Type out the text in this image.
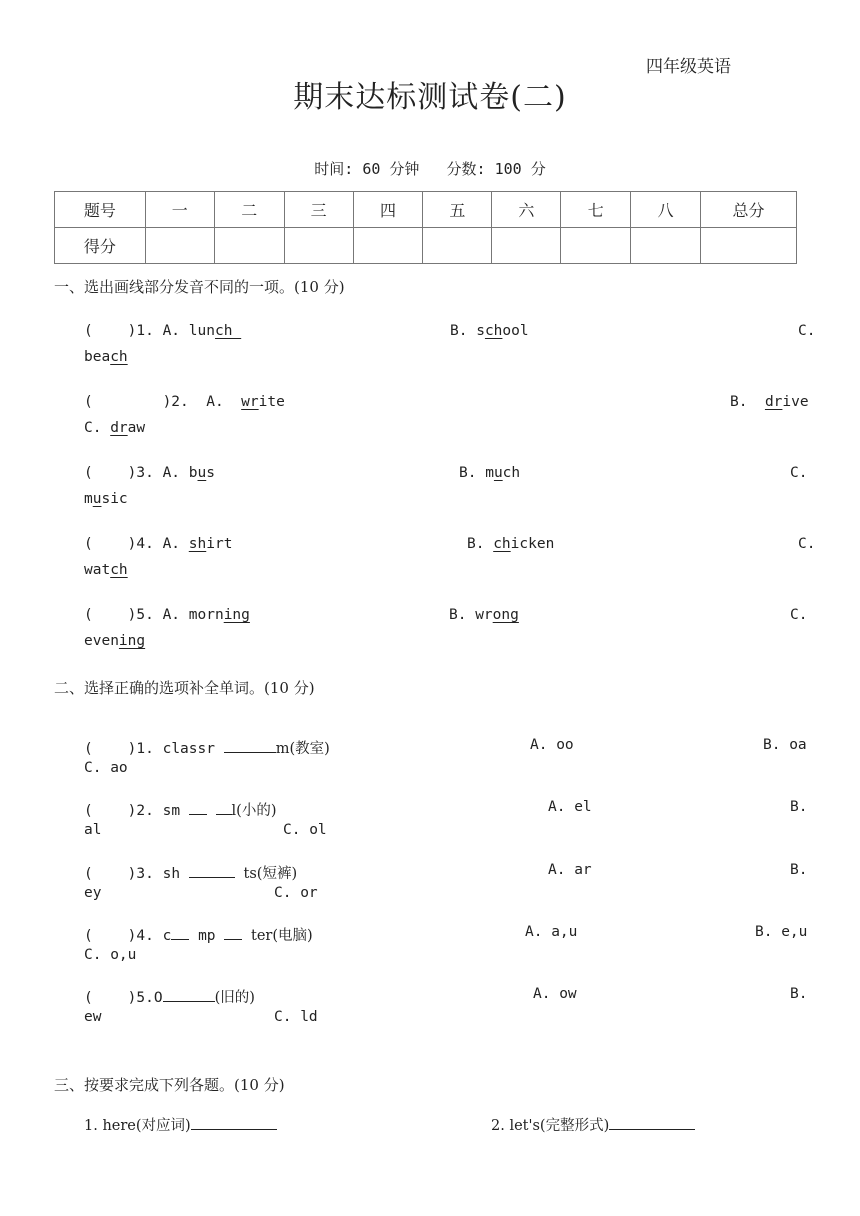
四年级英语
期末达标测试卷(二)
时间: 60 分钟 分数: 100 分
题号	一	二	三	四	五	六	七	八	总分
得分									
一、选出画线部分发音不同的一项。(10 分)
(    )1. A. lunch	B. school	C.
beach
(        )2.  A. write	B. drive
C. draw
(    )3. A. bus	B. much	C.
music
(    )4. A. shirt	B. chicken	C.
watch
(    )5. A. morning	B. wrong	C.
evening
二、选择正确的选项补全单词。(10 分)
(    )1. classr	m(教室)	A. oo	B. oa
C. ao
(    )2. sm	l(小的)	A. el	B.
al	C. ol
(    )3. sh	ts(短裤)	A. ar	B.
ey	C. or
(    )4. c mp ter(电脑)	A. a,u	B. e,u
C. o,u
(    )5.O	(旧的)	A. ow	B.
ew	C. ld
三、按要求完成下列各题。(10 分)
1. here(对应词)	2. let's(完整形式)
